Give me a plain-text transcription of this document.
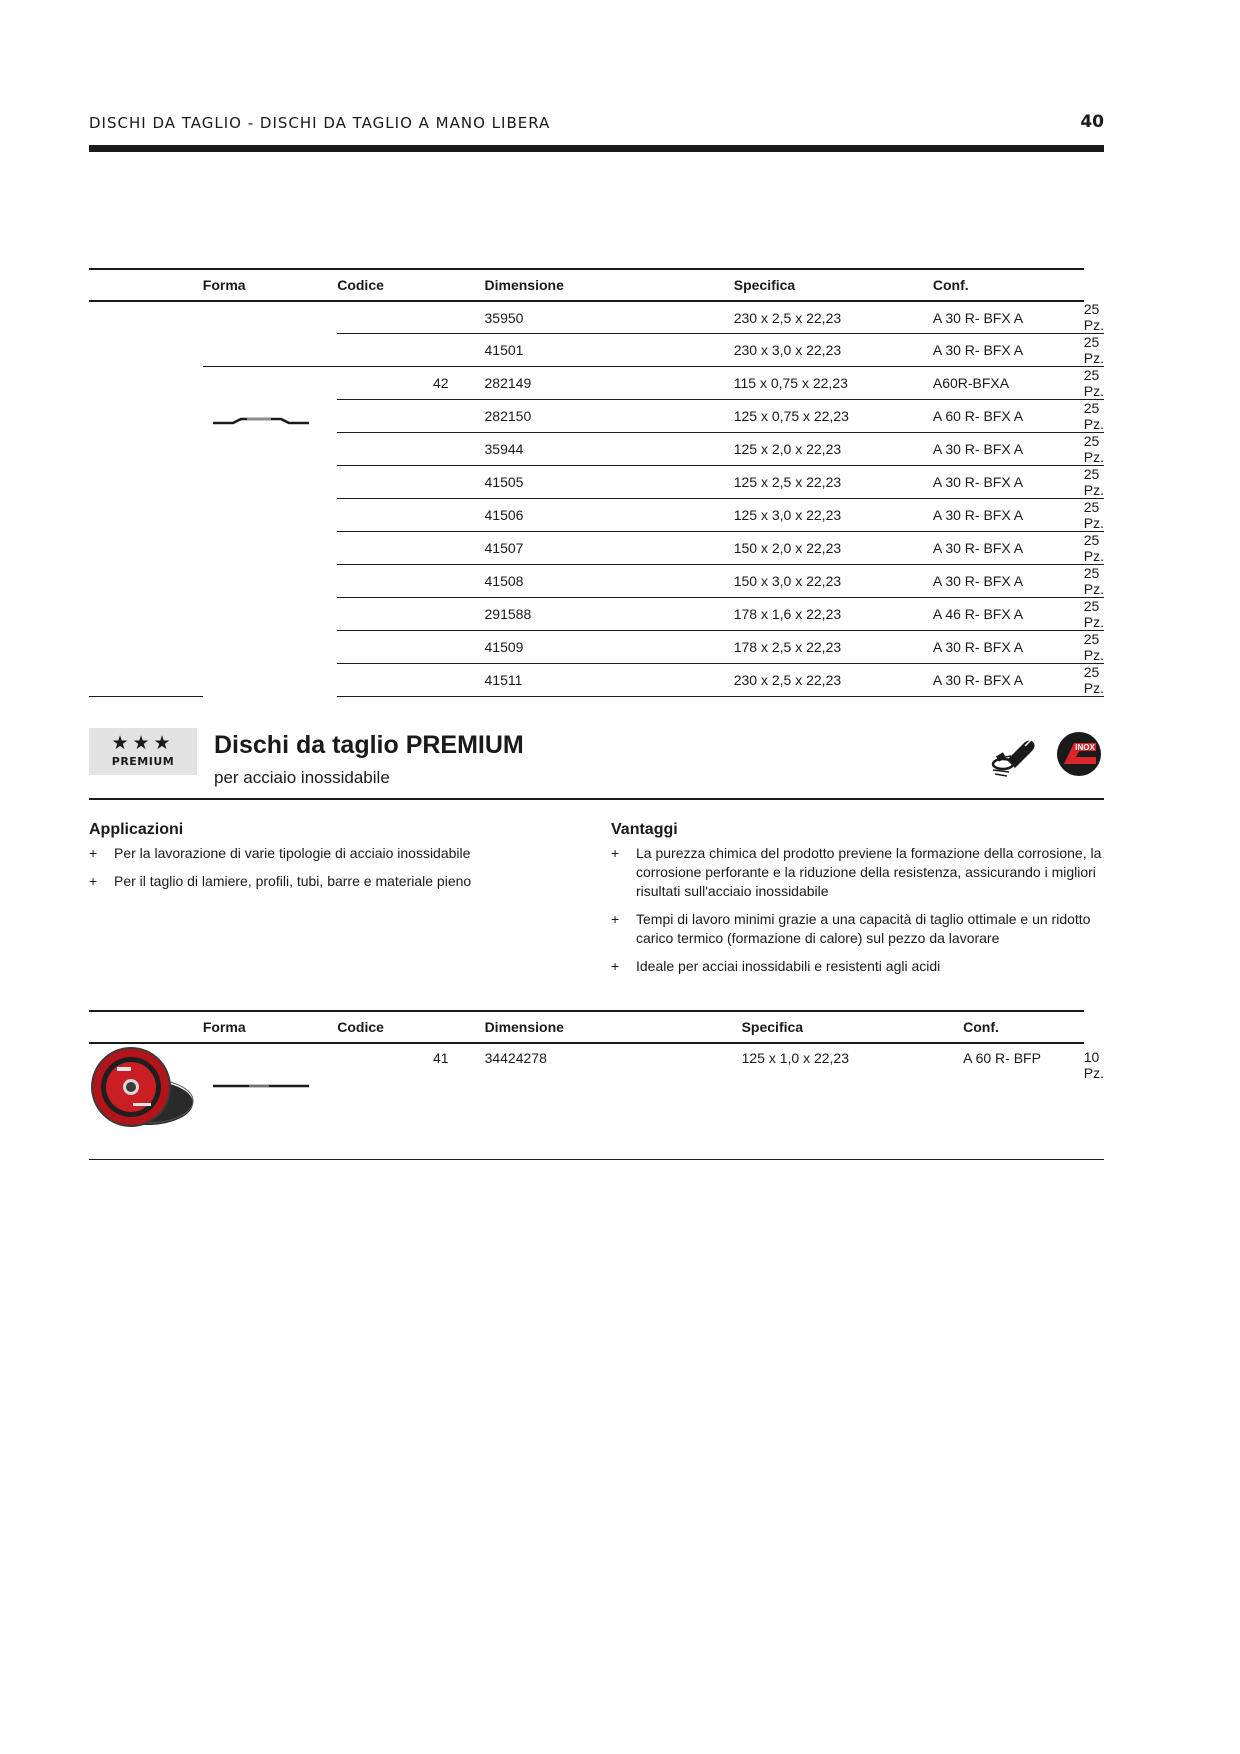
DISCHI DA TAGLIO - DISCHI DA TAGLIO A MANO LIBERA	40
	Forma	Codice	Dimensione	Specifica	Conf.	
			35950	230 x 2,5 x 22,23	A 30 R- BFX A	25 Pz.
			41501	230 x 3,0 x 22,23	A 30 R- BFX A	25 Pz.

	42	282149	115 x 0,75 x 22,23	A60R-BFXA	25 Pz.
			282150	125 x 0,75 x 22,23	A 60 R- BFX A	25 Pz.
			35944	125 x 2,0 x 22,23	A 30 R- BFX A	25 Pz.
			41505	125 x 2,5 x 22,23	A 30 R- BFX A	25 Pz.
			41506	125 x 3,0 x 22,23	A 30 R- BFX A	25 Pz.
			41507	150 x 2,0 x 22,23	A 30 R- BFX A	25 Pz.
			41508	150 x 3,0 x 22,23	A 30 R- BFX A	25 Pz.
			291588	178 x 1,6 x 22,23	A 46 R- BFX A	25 Pz.
			41509	178 x 2,5 x 22,23	A 30 R- BFX A	25 Pz.
			41511	230 x 2,5 x 22,23	A 30 R- BFX A	25 Pz.
★★★
PREMIUM
Dischi da taglio PREMIUM
per acciaio inossidabile
INOX
Applicazioni
+ Per la lavorazione di varie tipologie di acciaio inossidabile
+ Per il taglio di lamiere, profili, tubi, barre e materiale pieno
Vantaggi
+ La purezza chimica del prodotto previene la formazione della corrosione, la corrosione perforante e la riduzione della resistenza, assicurando i migliori risultati sull'acciaio inossidabile
+ Tempi di lavoro minimi grazie a una capacità di taglio ottimale e un ridotto carico termico (formazione di calore) sul pezzo da lavorare
+ Ideale per acciai inossidabili e resistenti agli acidi
	Forma	Codice	Dimensione	Specifica	Conf.	

	41	34424278	125 x 1,0 x 22,23	A 60 R- BFP	10 Pz.
